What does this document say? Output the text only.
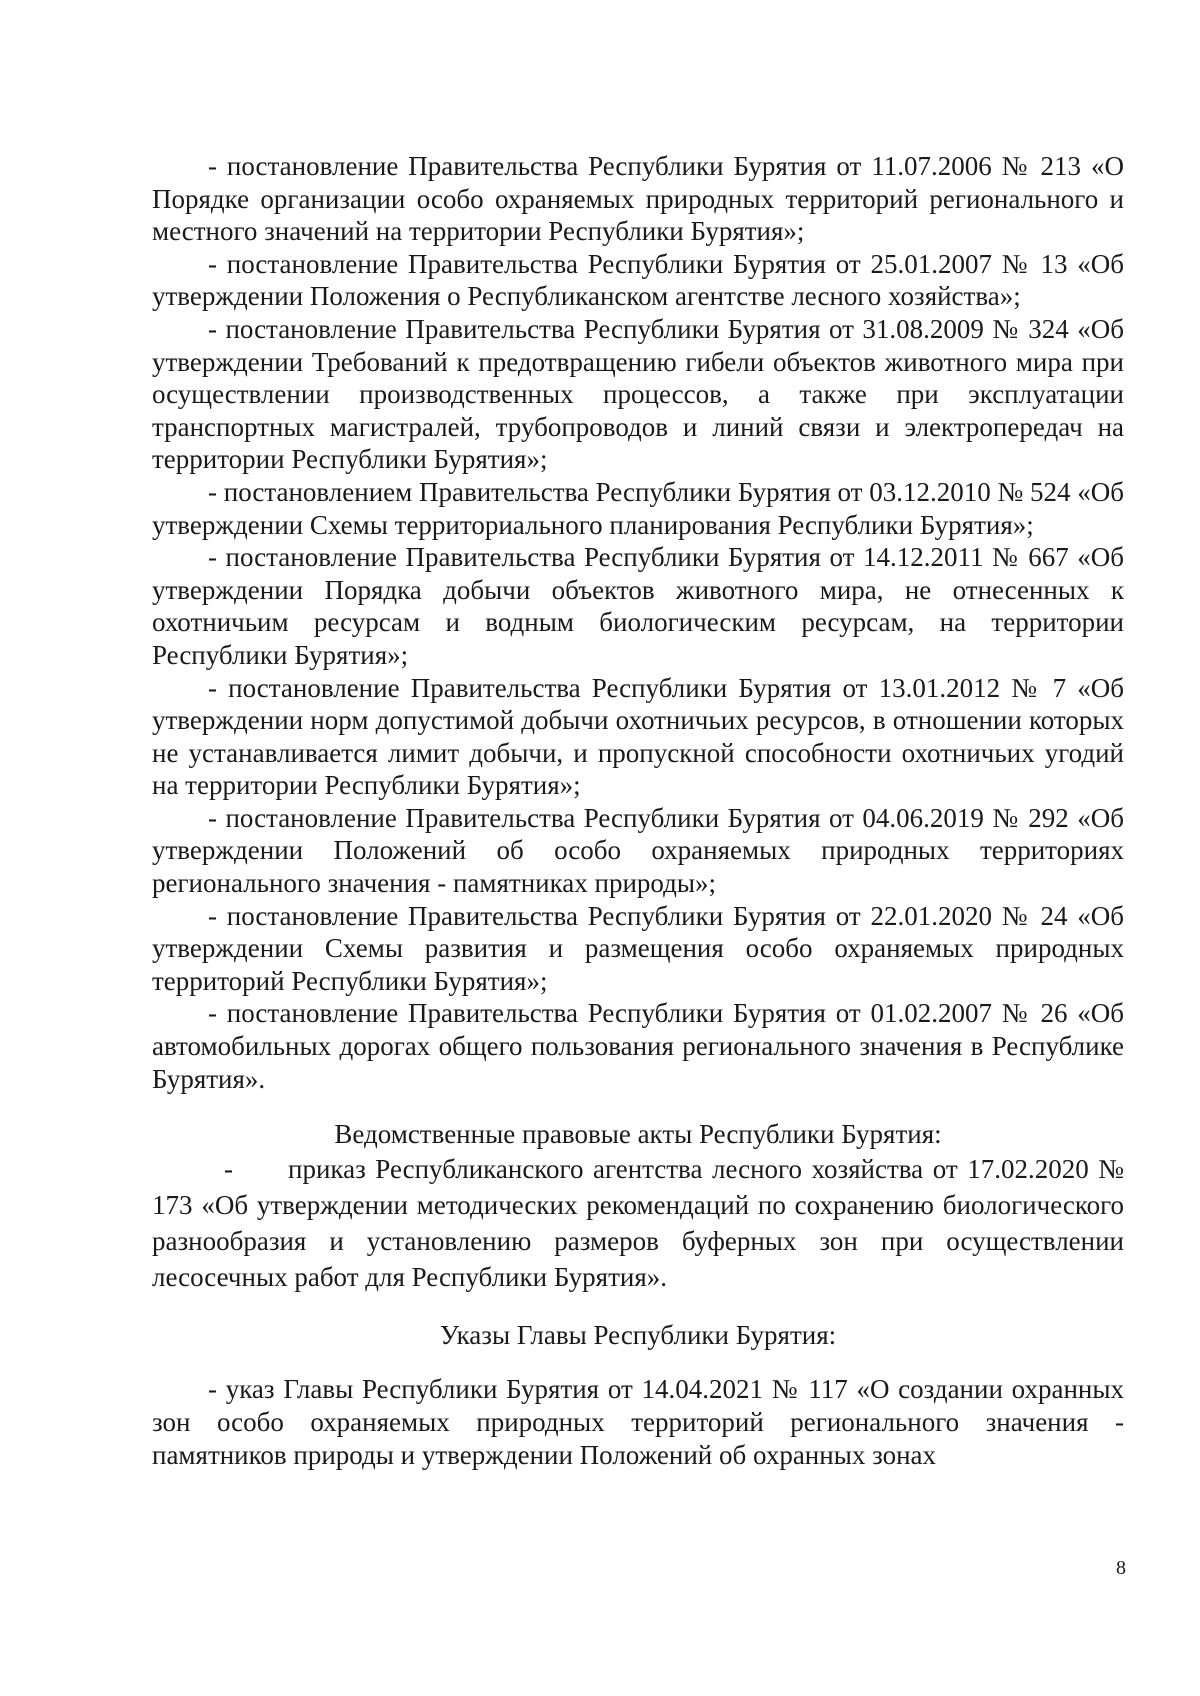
- постановление Правительства Республики Бурятия от 11.07.2006 № 213 «О Порядке организации особо охраняемых природных территорий регионального и местного значений на территории Республики Бурятия»;

- постановление Правительства Республики Бурятия от 25.01.2007 № 13 «Об утверждении Положения о Республиканском агентстве лесного хозяйства»;

- постановление Правительства Республики Бурятия от 31.08.2009 № 324 «Об утверждении Требований к предотвращению гибели объектов животного мира при осуществлении производственных процессов, а также при эксплуатации транспортных магистралей, трубопроводов и линий связи и электропередач на территории Республики Бурятия»;

- постановлением Правительства Республики Бурятия от 03.12.2010 № 524 «Об утверждении Схемы территориального планирования Республики Бурятия»;

- постановление Правительства Республики Бурятия от 14.12.2011 № 667 «Об утверждении Порядка добычи объектов животного мира, не отнесенных к охотничьим ресурсам и водным биологическим ресурсам, на территории Республики Бурятия»;

- постановление Правительства Республики Бурятия от 13.01.2012 № 7 «Об утверждении норм допустимой добычи охотничьих ресурсов, в отношении которых не устанавливается лимит добычи, и пропускной способности охотничьих угодий на территории Республики Бурятия»;

- постановление Правительства Республики Бурятия от 04.06.2019 № 292 «Об утверждении Положений об особо охраняемых природных территориях регионального значения - памятниках природы»;

- постановление Правительства Республики Бурятия от 22.01.2020 № 24 «Об утверждении Схемы развития и размещения особо охраняемых природных территорий Республики Бурятия»;

- постановление Правительства Республики Бурятия от 01.02.2007 № 26 «Об автомобильных дорогах общего пользования регионального значения в Республике Бурятия».

Ведомственные правовые акты Республики Бурятия:

- приказ Республиканского агентства лесного хозяйства от 17.02.2020 № 173 «Об утверждении методических рекомендаций по сохранению биологического разнообразия и установлению размеров буферных зон при осуществлении лесосечных работ для Республики Бурятия».

Указы Главы Республики Бурятия:

- указ Главы Республики Бурятия от 14.04.2021 № 117 «О создании охранных зон особо охраняемых природных территорий регионального значения - памятников природы и утверждении Положений об охранных зонах

8
